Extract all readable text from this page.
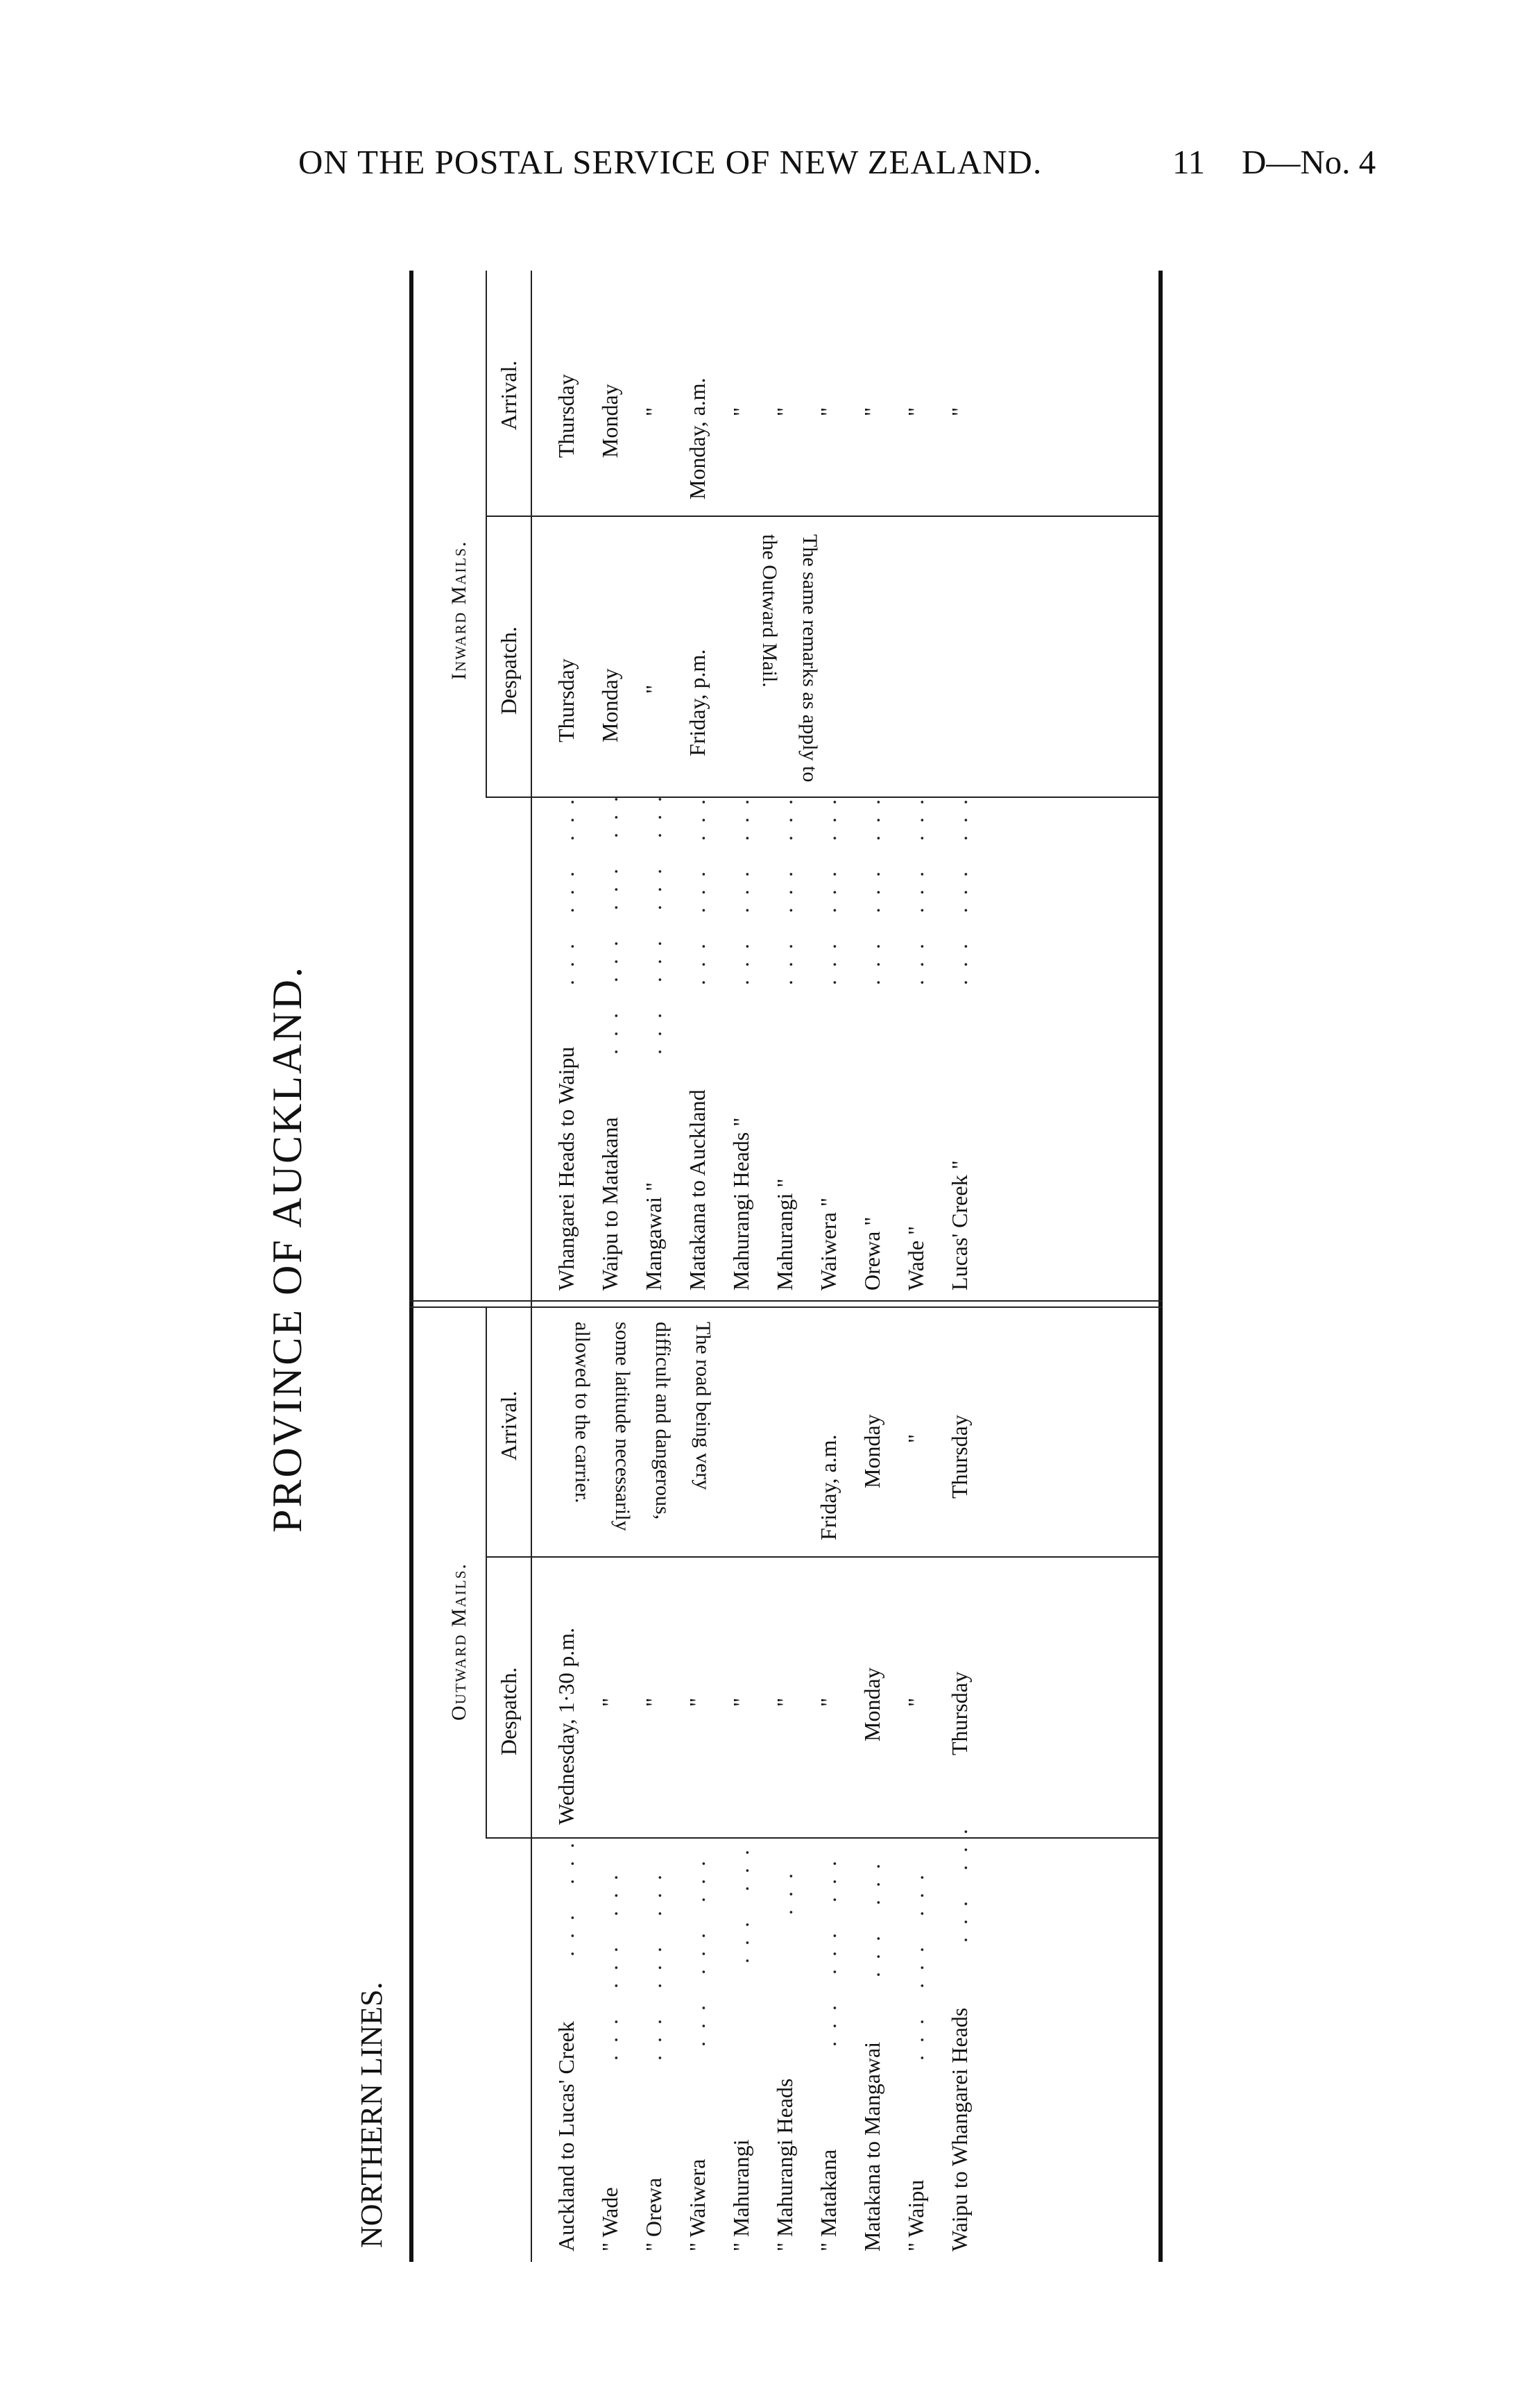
ON THE POSTAL SERVICE OF NEW ZEALAND.	11 D—No. 4
PROVINCE OF AUCKLAND.
NORTHERN LINES.
Outward Mails.
Inward Mails.
Despatch.
Arrival.
Despatch.
Arrival.
Auckland to Lucas' Creek
... ...
Wednesday, 1·30 p.m.
" Wade
... ... ...
"
" Orewa
... ... ...
"
" Waiwera
... ... ...
"
" Mahurangi
... ...
"
" Mahurangi Heads
...
"
" Matakana
... ... ...
"
Friday, a.m.
Matakana to Mangawai
... ...
Monday
Monday
" Waipu
... ... ...
"
"
Waipu to Whangarei Heads
... ...
Thursday
Thursday
The road being very difficult and dangerous, some latitude necessarily allowed to the carrier.
Whangarei Heads to Waipu
... ... ...
Thursday
Thursday
Waipu to Matakana
... ... ... ...
Monday
Monday
Mangawai "
... ... ... ...
"
"
Matakana to Auckland
... ... ...
Friday, p.m.
Monday, a.m.
Mahurangi Heads "
... ... ...
"
Mahurangi "
... ... ...
"
Waiwera "
... ... ...
"
Orewa "
... ... ...
"
Wade "
... ... ...
"
Lucas' Creek "
... ... ...
"
The same remarks as apply to the Outward Mail.
